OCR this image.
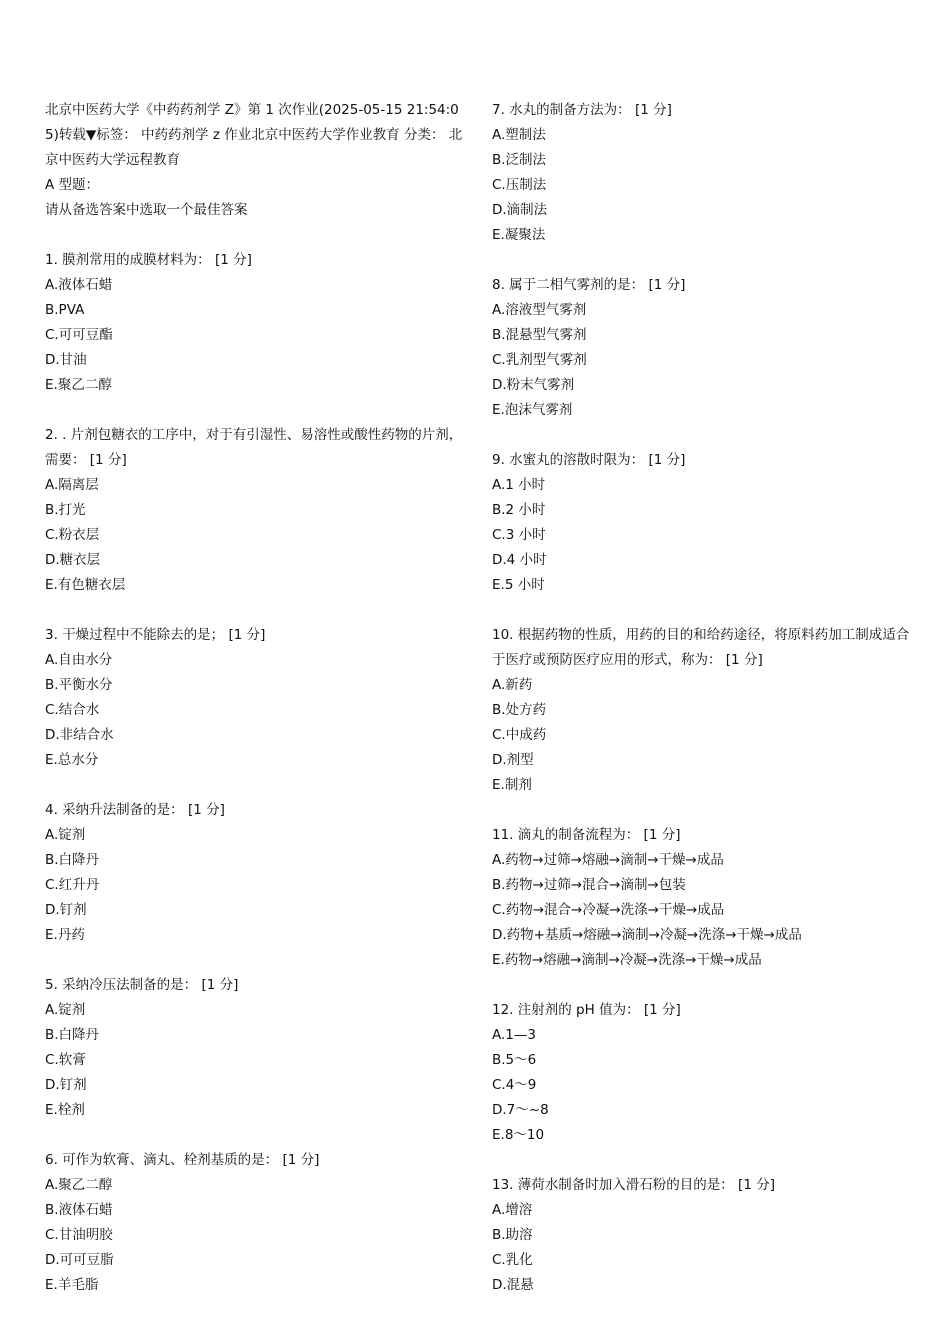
北京中医药大学《中药药剂学 Z》第 1 次作业(2025-05-15 21:54:05)转载▼标签： 中药药剂学 z 作业北京中医药大学作业教育 分类： 北京中医药大学远程教育
A 型题：
请从备选答案中选取一个最佳答案
1. 膜剂常用的成膜材料为： [1 分]
A.液体石蜡
B.PVA
C.可可豆酯
D.甘油
E.聚乙二醇
2. . 片剂包糖衣的工序中，对于有引湿性、易溶性或酸性药物的片剂，需要： [1 分]
A.隔离层
B.打光
C.粉衣层
D.糖衣层
E.有色糖衣层
3. 干燥过程中不能除去的是； [1 分]
A.自由水分
B.平衡水分
C.结合水
D.非结合水
E.总水分
4. 采纳升法制备的是： [1 分]
A.锭剂
B.白降丹
C.红升丹
D.钉剂
E.丹药
5. 采纳冷压法制备的是： [1 分]
A.锭剂
B.白降丹
C.软膏
D.钉剂
E.栓剂
6. 可作为软膏、滴丸、栓剂基质的是： [1 分]
A.聚乙二醇
B.液体石蜡
C.甘油明胶
D.可可豆脂
E.羊毛脂
7. 水丸的制备方法为： [1 分]
A.塑制法
B.泛制法
C.压制法
D.滴制法
E.凝聚法
8. 属于二相气雾剂的是： [1 分]
A.溶液型气雾剂
B.混悬型气雾剂
C.乳剂型气雾剂
D.粉末气雾剂
E.泡沫气雾剂
9. 水蜜丸的溶散时限为： [1 分]
A.1 小时
B.2 小时
C.3 小时
D.4 小时
E.5 小时
10. 根据药物的性质，用药的目的和给药途径，将原料药加工制成适合于医疗或预防医疗应用的形式，称为： [1 分]
A.新药
B.处方药
C.中成药
D.剂型
E.制剂
11. 滴丸的制备流程为： [1 分]
A.药物→过筛→熔融→滴制→干燥→成品
B.药物→过筛→混合→滴制→包装
C.药物→混合→冷凝→洗涤→干燥→成品
D.药物+基质→熔融→滴制→冷凝→洗涤→干燥→成品
E.药物→熔融→滴制→冷凝→洗涤→干燥→成品
12. 注射剂的 pH 值为： [1 分]
A.1—3
B.5～6
C.4～9
D.7～~8
E.8～10
13. 薄荷水制备时加入滑石粉的目的是： [1 分]
A.增溶
B.助溶
C.乳化
D.混悬
